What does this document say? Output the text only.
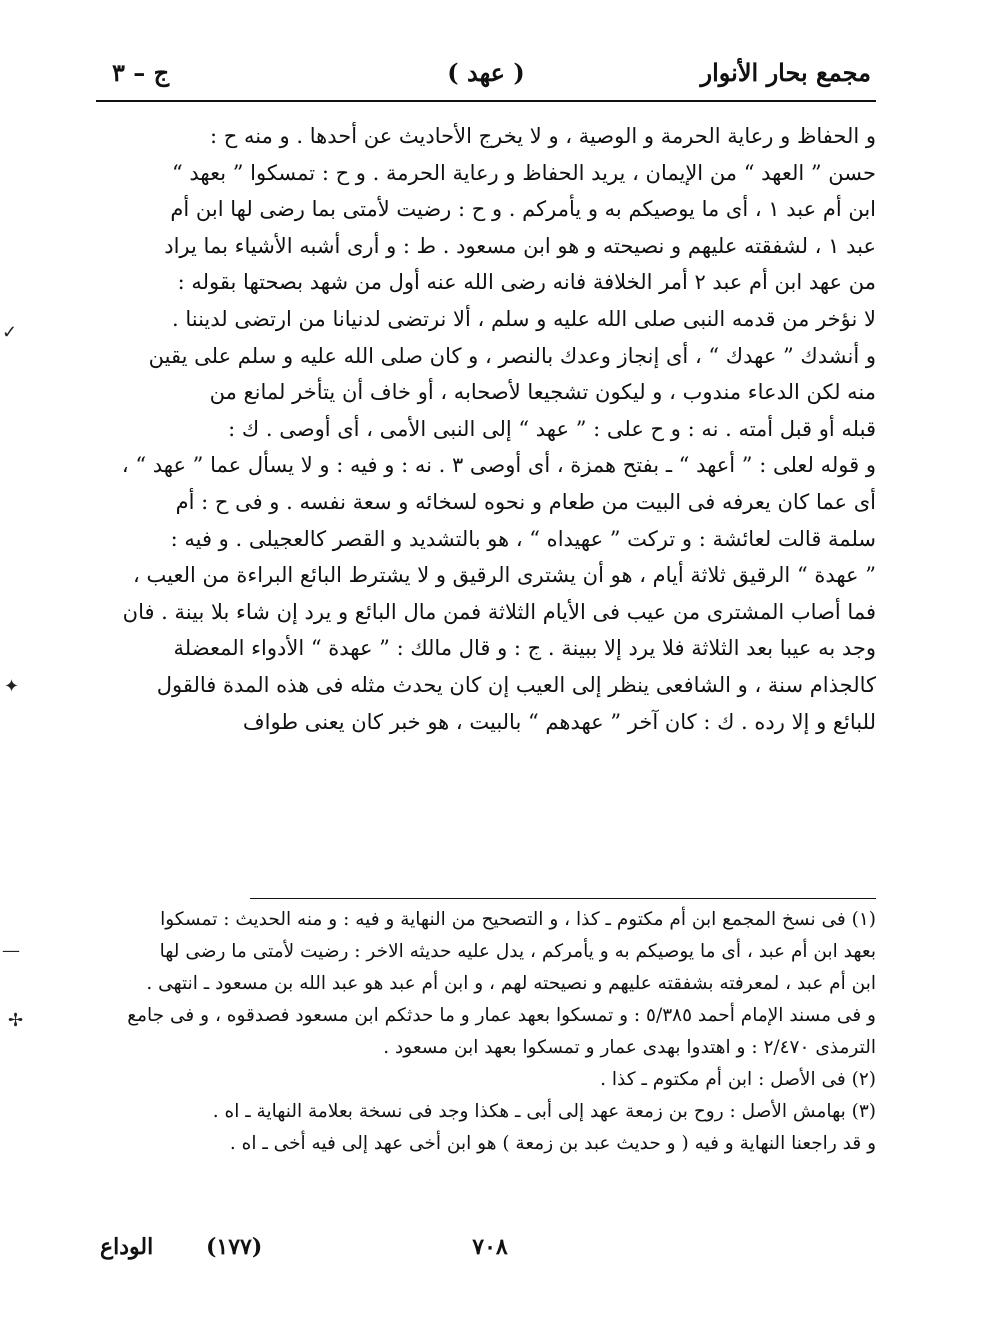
مجمع بحار الأنوار
( عهد )
ج – ٣
و الحفاظ و رعاية الحرمة و الوصية ، و لا يخرج الأحاديث عن أحدها . و منه ح :
حسن ” العهد “ من الإيمان ، يريد الحفاظ و رعاية الحرمة . و ح : تمسكوا ” بعهد “
ابن أم عبد ١ ، أى ما يوصيكم به و يأمركم . و ح : رضيت لأمتى بما رضى لها ابن أم
عبد ١ ، لشفقته عليهم و نصيحته و هو ابن مسعود . ط : و أرى أشبه الأشياء بما يراد
من عهد ابن أم عبد ٢ أمر الخلافة فانه رضى الله عنه أول من شهد بصحتها بقوله :
لا نؤخر من قدمه النبى صلى الله عليه و سلم ، ألا نرتضى لدنيانا من ارتضى لديننا .
و أنشدك ” عهدك “ ، أى إنجاز وعدك بالنصر ، و كان صلى الله عليه و سلم على يقين
منه لكن الدعاء مندوب ، و ليكون تشجيعا لأصحابه ، أو خاف أن يتأخر لمانع من
قبله أو قبل أمته . نه : و ح على : ” عهد “ إلى النبى الأمى ، أى أوصى . ك :
و قوله لعلى : ” أعهد “ ـ بفتح همزة ، أى أوصى ٣ . نه : و فيه : و لا يسأل عما ” عهد “ ،
أى عما كان يعرفه فى البيت من طعام و نحوه لسخائه و سعة نفسه . و فى ح : أم
سلمة قالت لعائشة : و تركت ” عهيداه “ ، هو بالتشديد و القصر كالعجيلى . و فيه :
” عهدة “ الرقيق ثلاثة أيام ، هو أن يشترى الرقيق و لا يشترط البائع البراءة من العيب ،
فما أصاب المشترى من عيب فى الأيام الثلاثة فمن مال البائع و يرد إن شاء بلا بينة . فان
وجد به عيبا بعد الثلاثة فلا يرد إلا ببينة . ج : و قال مالك : ” عهدة “ الأدواء المعضلة
كالجذام سنة ، و الشافعى ينظر إلى العيب إن كان يحدث مثله فى هذه المدة فالقول
للبائع و إلا رده . ك : كان آخر ” عهدهم “ بالبيت ، هو خبر كان يعنى طواف
(١) فى نسخ المجمع ابن أم مكتوم ـ كذا ، و التصحيح من النهاية و فيه : و منه الحديث : تمسكوا
بعهد ابن أم عبد ، أى ما يوصيكم به و يأمركم ، يدل عليه حديثه الاخر : رضيت لأمتى ما رضى لها
ابن أم عبد ، لمعرفته بشفقته عليهم و نصيحته لهم ، و ابن أم عبد هو عبد الله بن مسعود ـ انتهى .
و فى مسند الإمام أحمد ٥/٣٨٥ : و تمسكوا بعهد عمار و ما حدثكم ابن مسعود فصدقوه ، و فى جامع
الترمذى ٢/٤٧٠ : و اهتدوا بهدى عمار و تمسكوا بعهد ابن مسعود .
(٢) فى الأصل : ابن أم مكتوم ـ كذا .
(٣) بهامش الأصل : روح بن زمعة عهد إلى أبى ـ هكذا وجد فى نسخة بعلامة النهاية ـ اه .
و قد راجعنا النهاية و فيه ( و حديث عبد بن زمعة ) هو ابن أخى عهد إلى فيه أخى ـ اه .
٧٠٨
(١٧٧)
الوداع
✓
✦
—
✢
